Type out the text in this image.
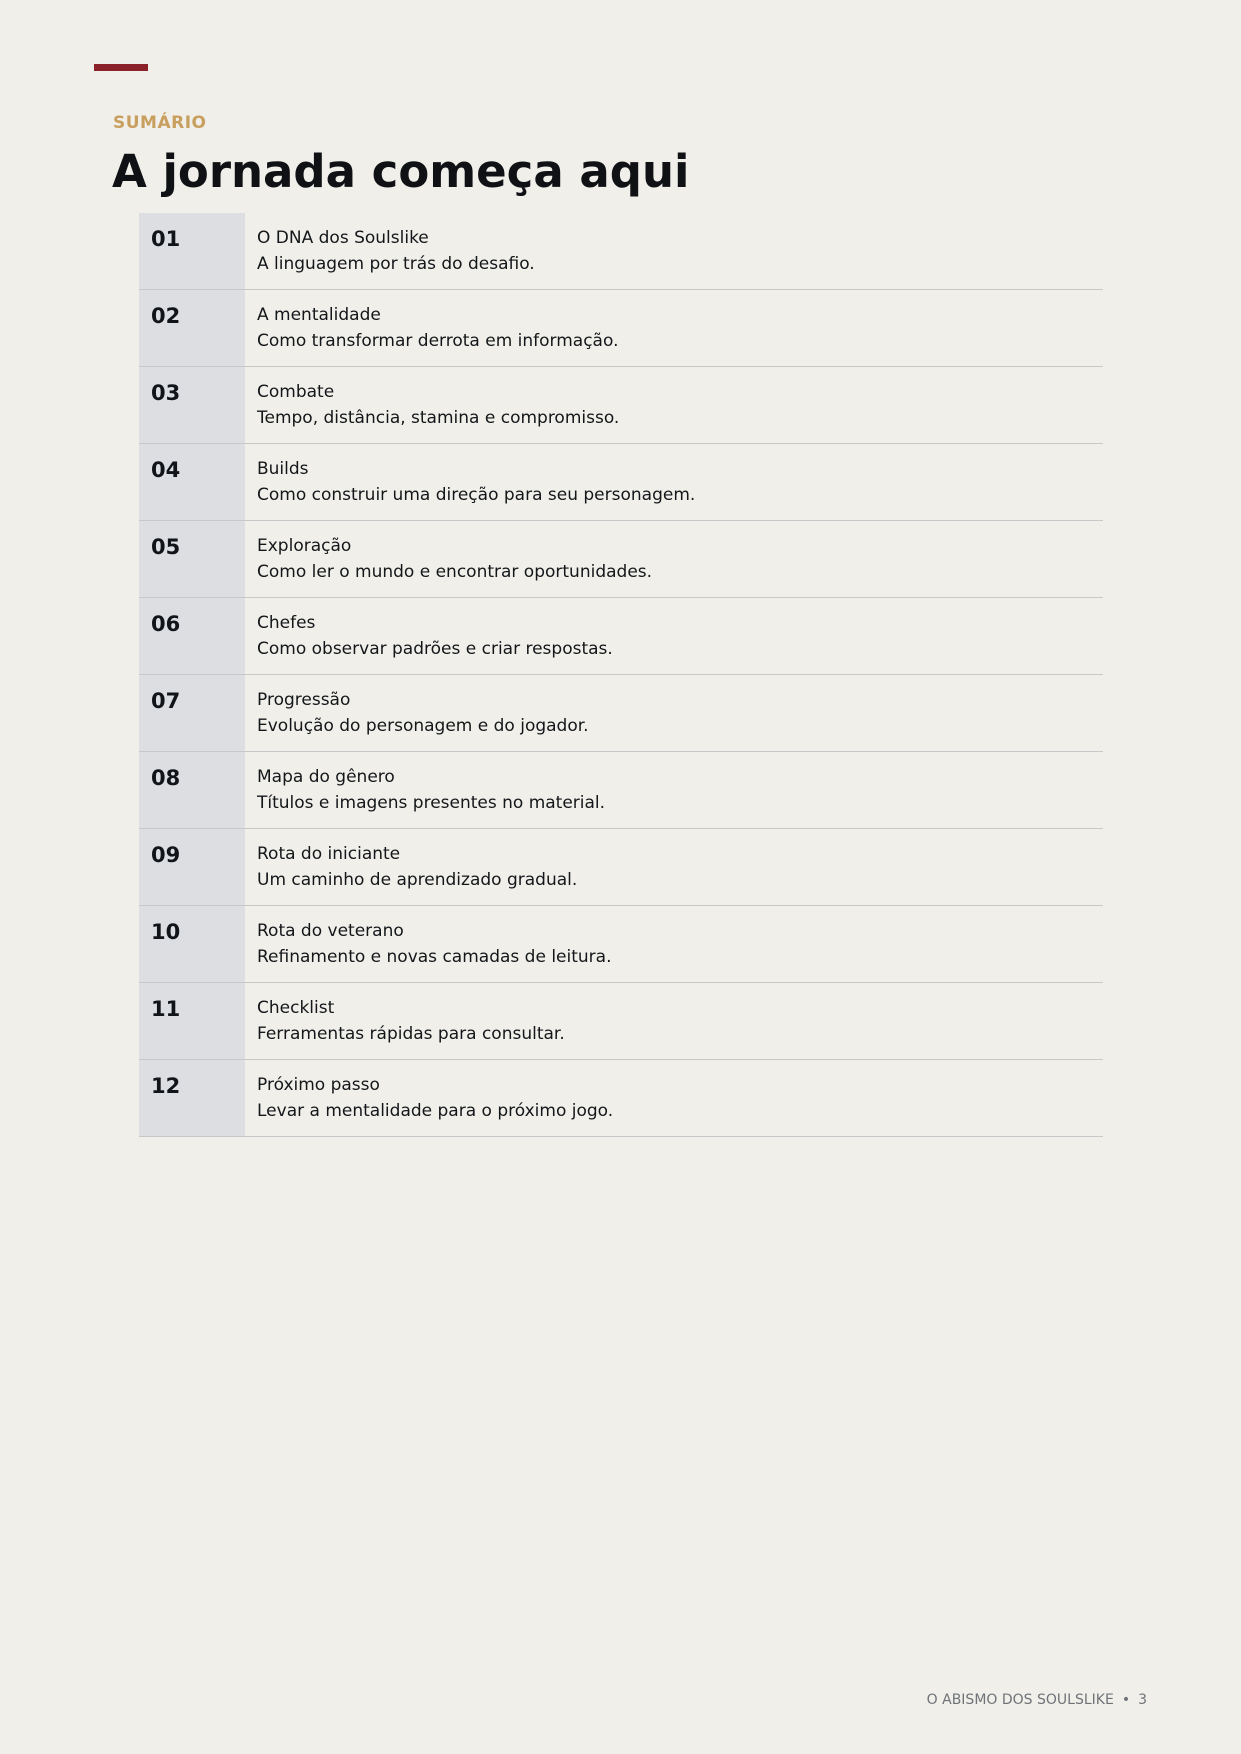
SUMÁRIO
A jornada começa aqui
01	O DNA dos Soulslike
A linguagem por trás do desafio.
02	A mentalidade
Como transformar derrota em informação.
03	Combate
Tempo, distância, stamina e compromisso.
04	Builds
Como construir uma direção para seu personagem.
05	Exploração
Como ler o mundo e encontrar oportunidades.
06	Chefes
Como observar padrões e criar respostas.
07	Progressão
Evolução do personagem e do jogador.
08	Mapa do gênero
Títulos e imagens presentes no material.
09	Rota do iniciante
Um caminho de aprendizado gradual.
10	Rota do veterano
Refinamento e novas camadas de leitura.
11	Checklist
Ferramentas rápidas para consultar.
12	Próximo passo
Levar a mentalidade para o próximo jogo.
O ABISMO DOS SOULSLIKE • 3
